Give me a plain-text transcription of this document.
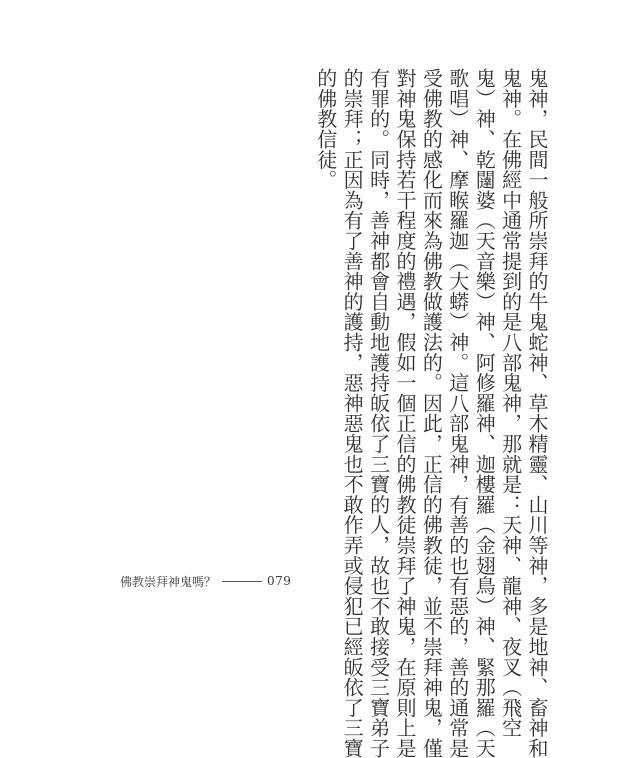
鬼神，民間一般所崇拜的牛鬼蛇神、草木精靈、山川等神，多是地神、畜神和

鬼神。在佛經中通常提到的是八部鬼神，那就是：天神、龍神、夜叉（飛空

鬼）神、乾闥婆（天音樂）神、阿修羅神、迦樓羅（金翅鳥）神、緊那羅（天

歌唱）神、摩睺羅迦（大蟒）神。這八部鬼神，有善的也有惡的，善的通常是

受佛教的感化而來為佛教做護法的。因此，正信的佛教徒，並不崇拜神鬼，僅

對神鬼保持若干程度的禮遇，假如一個正信的佛教徒崇拜了神鬼，在原則上是

有罪的。同時，善神都會自動地護持皈依了三寶的人，故也不敢接受三寶弟子

的崇拜；正因為有了善神的護持，惡神惡鬼也不敢作弄或侵犯已經皈依了三寶

的佛教信徒。

佛教崇拜神鬼嗎？	079
